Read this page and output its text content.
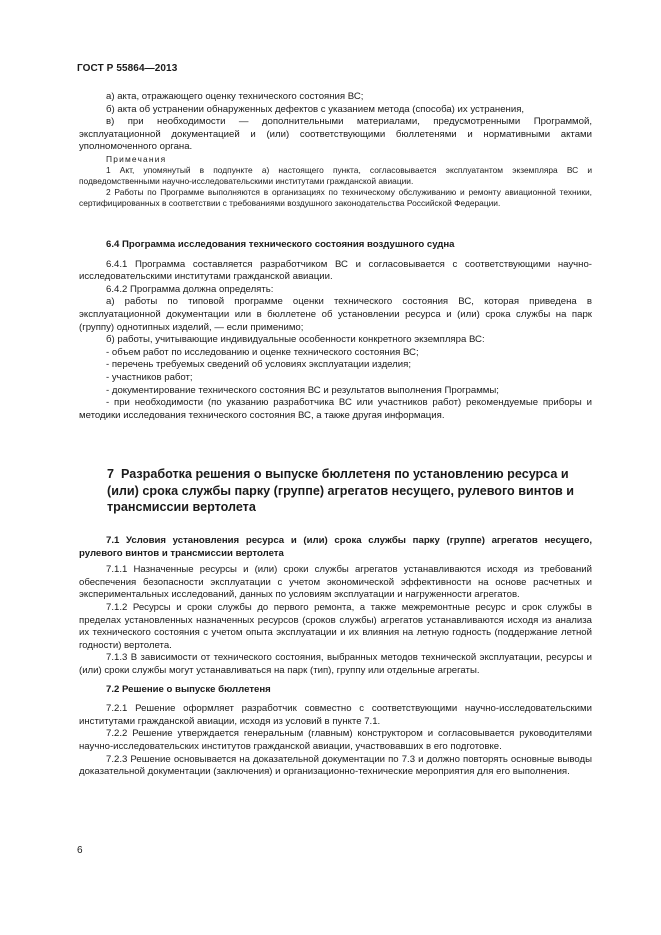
ГОСТ Р 55864—2013

а) акта, отражающего оценку технического состояния ВС;

б) акта об устранении обнаруженных дефектов с указанием метода (способа) их устранения,

в) при необходимости — дополнительными материалами, предусмотренными Программой, эксплуатационной документацией и (или) соответствующими бюллетенями и нормативными актами уполномоченного органа.

Примечания

1 Акт, упомянутый в подпункте а) настоящего пункта, согласовывается эксплуатантом экземпляра ВС и подведомственными научно-исследовательскими институтами гражданской авиации.

2 Работы по Программе выполняются в организациях по техническому обслуживанию и ремонту авиационной техники, сертифицированных в соответствии с требованиями воздушного законодательства Российской Федерации.

6.4 Программа исследования технического состояния воздушного судна

6.4.1 Программа составляется разработчиком ВС и согласовывается с соответствующими научно-исследовательскими институтами гражданской авиации.

6.4.2 Программа должна определять:

а) работы по типовой программе оценки технического состояния ВС, которая приведена в эксплуатационной документации или в бюллетене об установлении ресурса и (или) срока службы на парк (группу) однотипных изделий, — если применимо;

б) работы, учитывающие индивидуальные особенности конкретного экземпляра ВС:

- объем работ по исследованию и оценке технического состояния ВС;

- перечень требуемых сведений об условиях эксплуатации изделия;

- участников работ;

- документирование технического состояния ВС и результатов выполнения Программы;

- при необходимости (по указанию разработчика ВС или участников работ) рекомендуемые приборы и методики исследования технического состояния ВС, а также другая информация.

7 Разработка решения о выпуске бюллетеня по установлению ресурса и (или) срока службы парку (группе) агрегатов несущего, рулевого винтов и трансмиссии вертолета

7.1 Условия установления ресурса и (или) срока службы парку (группе) агрегатов несущего, рулевого винтов и трансмиссии вертолета

7.1.1 Назначенные ресурсы и (или) сроки службы агрегатов устанавливаются исходя из требований обеспечения безопасности эксплуатации с учетом экономической эффективности на основе расчетных и экспериментальных исследований, данных по условиям эксплуатации и нагруженности агрегатов.

7.1.2 Ресурсы и сроки службы до первого ремонта, а также межремонтные ресурс и срок службы в пределах установленных назначенных ресурсов (сроков службы) агрегатов устанавливаются исходя из анализа их технического состояния с учетом опыта эксплуатации и их влияния на летную годность (поддержание летной годности) вертолета.

7.1.3 В зависимости от технического состояния, выбранных методов технической эксплуатации, ресурсы и (или) сроки службы могут устанавливаться на парк (тип), группу или отдельные агрегаты.

7.2 Решение о выпуске бюллетеня

7.2.1 Решение оформляет разработчик совместно с соответствующими научно-исследовательскими институтами гражданской авиации, исходя из условий в пункте 7.1.

7.2.2 Решение утверждается генеральным (главным) конструктором и согласовывается руководителями научно-исследовательских институтов гражданской авиации, участвовавших в его подготовке.

7.2.3 Решение основывается на доказательной документации по 7.3 и должно повторять основные выводы доказательной документации (заключения) и организационно-технические мероприятия для его выполнения.

6
